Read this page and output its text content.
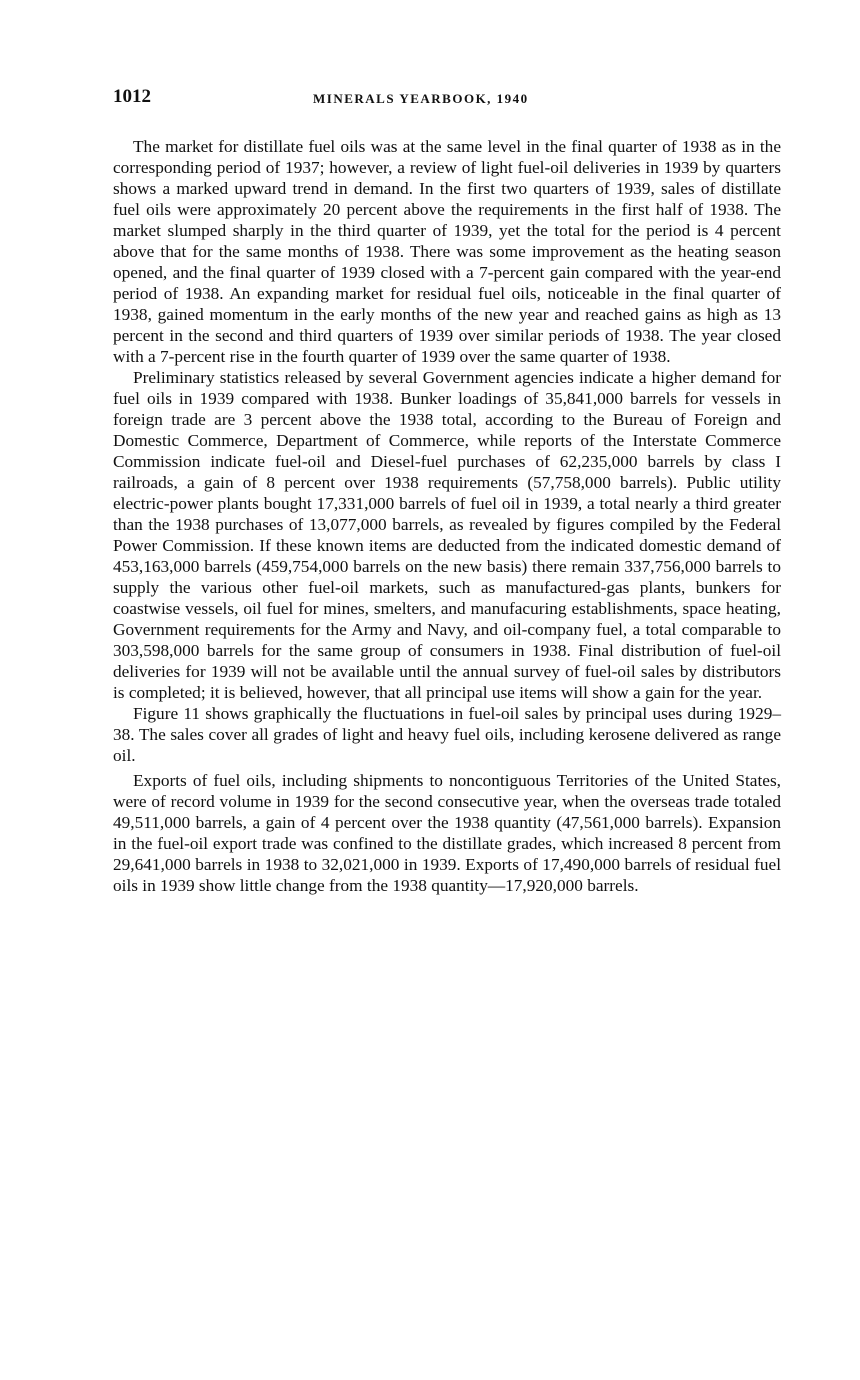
1012	MINERALS YEARBOOK, 1940

The market for distillate fuel oils was at the same level in the final quarter of 1938 as in the corresponding period of 1937; however, a review of light fuel-oil deliveries in 1939 by quarters shows a marked upward trend in demand. In the first two quarters of 1939, sales of distillate fuel oils were approximately 20 percent above the requirements in the first half of 1938. The market slumped sharply in the third quarter of 1939, yet the total for the period is 4 percent above that for the same months of 1938. There was some improvement as the heating season opened, and the final quarter of 1939 closed with a 7-percent gain compared with the year-end period of 1938. An expanding market for residual fuel oils, noticeable in the final quarter of 1938, gained momentum in the early months of the new year and reached gains as high as 13 percent in the second and third quarters of 1939 over similar periods of 1938. The year closed with a 7-percent rise in the fourth quarter of 1939 over the same quarter of 1938.

Preliminary statistics released by several Government agencies indicate a higher demand for fuel oils in 1939 compared with 1938. Bunker loadings of 35,841,000 barrels for vessels in foreign trade are 3 percent above the 1938 total, according to the Bureau of Foreign and Domestic Commerce, Department of Commerce, while reports of the Interstate Commerce Commission indicate fuel-oil and Diesel-fuel purchases of 62,235,000 barrels by class I railroads, a gain of 8 percent over 1938 requirements (57,758,000 barrels). Public utility electric-power plants bought 17,331,000 barrels of fuel oil in 1939, a total nearly a third greater than the 1938 purchases of 13,077,000 barrels, as revealed by figures compiled by the Federal Power Commission. If these known items are deducted from the indicated domestic demand of 453,163,000 barrels (459,754,000 barrels on the new basis) there remain 337,756,000 barrels to supply the various other fuel-oil markets, such as manufactured-gas plants, bunkers for coastwise vessels, oil fuel for mines, smelters, and manufacuring establishments, space heating, Government requirements for the Army and Navy, and oil-company fuel, a total comparable to 303,598,000 barrels for the same group of consumers in 1938. Final distribution of fuel-oil deliveries for 1939 will not be available until the annual survey of fuel-oil sales by distributors is completed; it is believed, however, that all principal use items will show a gain for the year.

Figure 11 shows graphically the fluctuations in fuel-oil sales by principal uses during 1929–38. The sales cover all grades of light and heavy fuel oils, including kerosene delivered as range oil.

Exports of fuel oils, including shipments to noncontiguous Territories of the United States, were of record volume in 1939 for the second consecutive year, when the overseas trade totaled 49,511,000 barrels, a gain of 4 percent over the 1938 quantity (47,561,000 barrels). Expansion in the fuel-oil export trade was confined to the distillate grades, which increased 8 percent from 29,641,000 barrels in 1938 to 32,021,000 in 1939. Exports of 17,490,000 barrels of residual fuel oils in 1939 show little change from the 1938 quantity—17,920,000 barrels.
